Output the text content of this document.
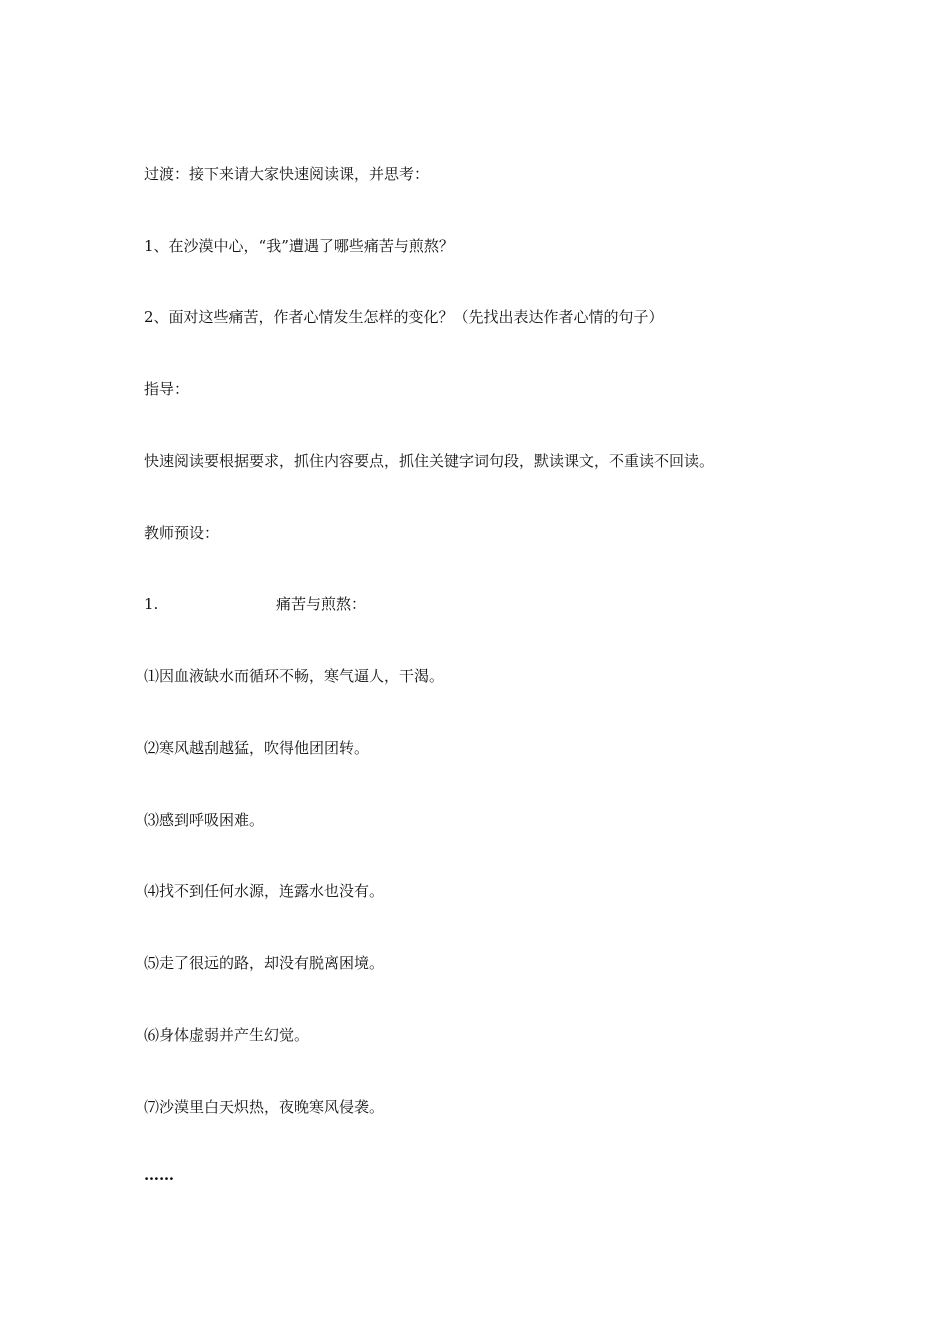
过渡：接下来请大家快速阅读课，并思考：
1、在沙漠中心，“我”遭遇了哪些痛苦与煎熬？
2、面对这些痛苦，作者心情发生怎样的变化？（先找出表达作者心情的句子）
指导：
快速阅读要根据要求，抓住内容要点，抓住关键字词句段，默读课文，不重读不回读。
教师预设：
1.	痛苦与煎熬：
⑴因血液缺水而循环不畅，寒气逼人，干渴。
⑵寒风越刮越猛，吹得他团团转。
⑶感到呼吸困难。
⑷找不到任何水源，连露水也没有。
⑸走了很远的路，却没有脱离困境。
⑹身体虚弱并产生幻觉。
⑺沙漠里白天炽热，夜晚寒风侵袭。
……
